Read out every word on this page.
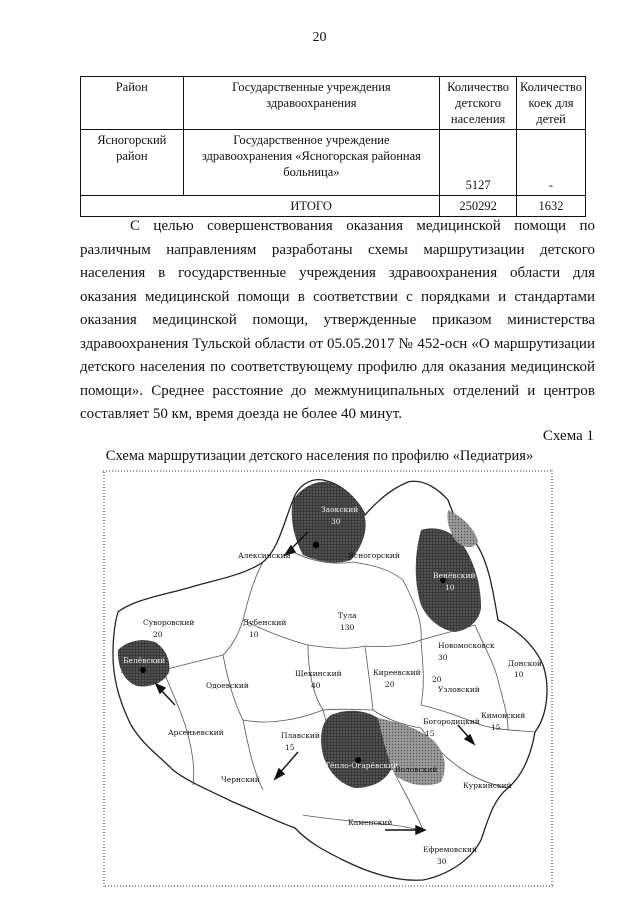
20
Район	Государственные учреждения здравоохранения	Количество детского населения	Количество коек для детей
Ясногорский район	Государственное учреждение здравоохранения «Ясногорская районная больница»	5127	-
	ИТОГО	250292	1632

С целью совершенствования оказания медицинской помощи по различным направлениям разработаны схемы маршрутизации детского населения в государственные учреждения здравоохранения области для оказания медицинской помощи в соответствии с порядками и стандартами оказания медицинской помощи, утвержденные приказом министерства здравоохранения Тульской области от 05.05.2017 № 452-осн «О маршрутизации детского населения по соответствующему профилю для оказания медицинской помощи». Среднее расстояние до межмуниципальных отделений и центров составляет 50 км, время доезда не более 40 минут.

Схема 1
Схема маршрутизации детского населения по профилю «Педиатрия»
Заокский
30
Алексинский	Ясногорский
Венёвский
10
Тула
130
Суворовский
20
Дубенский
10
Новомосковск
30
Донской
10
Одоевский
Щекинский
40
Киреевский
20
Узловский
20
Белёвский
Кимовский
15
Арсеньевский
Богородицкий
15
Плавский
15
Чернский
Тёпло-Огарёвский
Воловский
Куркинский
Каменский
Ефремовский
30
